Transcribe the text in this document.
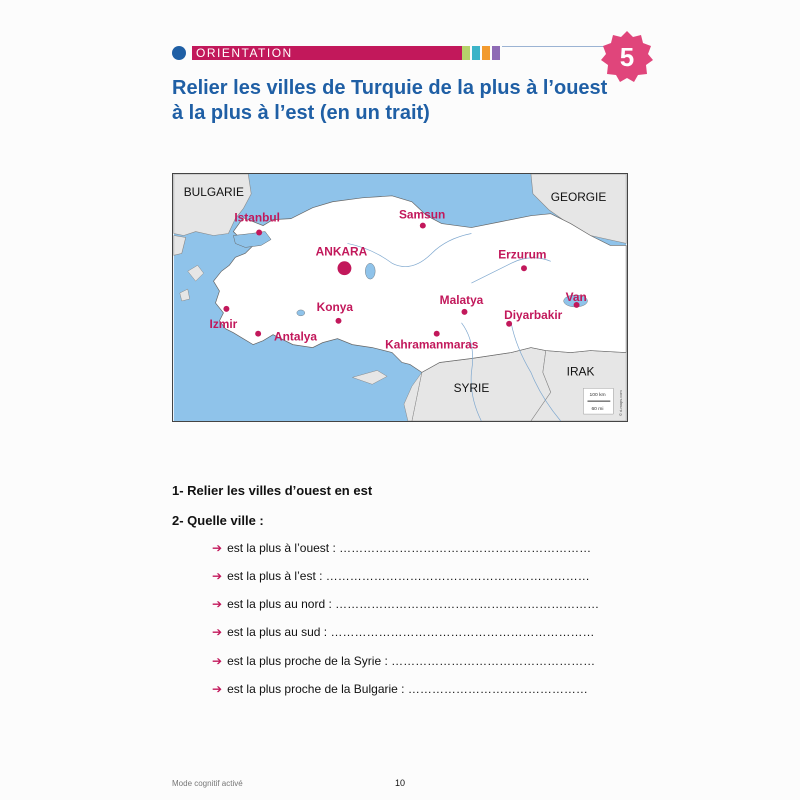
ORIENTATION	5
Relier les villes de Turquie de la plus à l’ouest
à la plus à l’est (en un trait)
BULGARIE	GEORGIE
SYRIE
IRAK
Istanbul	Samsun
ANKARA	Erzurum
Konya	Malatya	Van
Izmir
Diyarbakir
Antalya
Kahramanmaras
100 km
60 mi	© d-maps.com
1- Relier les villes d’ouest en est
2- Quelle ville :
➔ est la plus à l’ouest : ………………………………………………………
➔ est la plus à l’est : …………………………………………………………
➔ est la plus au nord : …………………………………………………………
➔ est la plus au sud : …………………………………………………………
➔ est la plus proche de la Syrie : ……………………………………………
➔ est la plus proche de la Bulgarie : ………………………………………
Mode cognitif activé	10
